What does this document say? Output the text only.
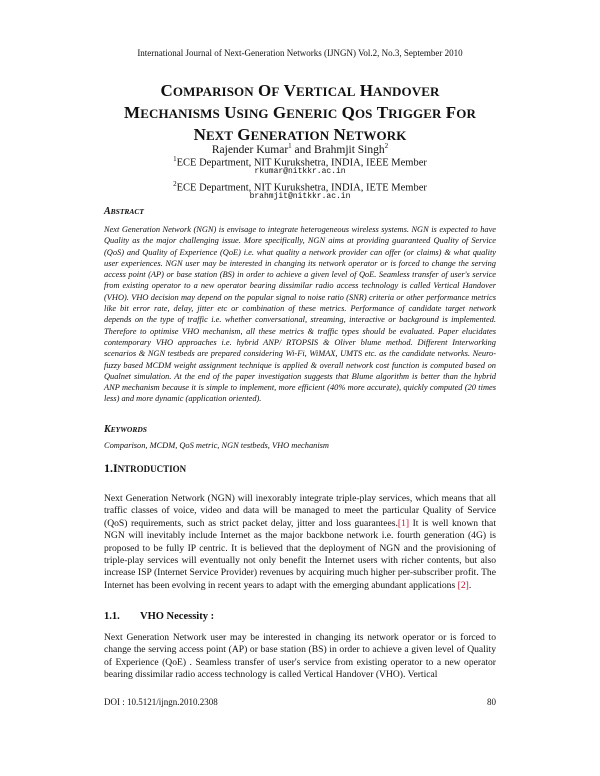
International Journal of Next-Generation Networks (IJNGN) Vol.2, No.3, September 2010
COMPARISON OF VERTICAL HANDOVER
MECHANISMS USING GENERIC QOS TRIGGER FOR
NEXT GENERATION NETWORK
Rajender Kumar$^1$ and Brahmjit Singh$^2$
$^1$ECE Department, NIT Kurukshetra, INDIA, IEEE Member
rkumar@nitkkr.ac.in
$^2$ECE Department, NIT Kurukshetra, INDIA, IETE Member
brahmjit@nitkkr.ac.in
ABSTRACT

Next Generation Network (NGN) is envisage to integrate heterogeneous wireless systems. NGN is expected to have Quality as the major challenging issue. More specifically, NGN aims at providing guaranteed Quality of Service (QoS) and Quality of Experience (QoE) i.e. what quality a network provider can offer (or claims) & what quality user experiences. NGN user may be interested in changing its network operator or is forced to change the serving access point (AP) or base station (BS) in order to achieve a given level of QoE. Seamless transfer of user's service from existing operator to a new operator bearing dissimilar radio access technology is called Vertical Handover (VHO). VHO decision may depend on the popular signal to noise ratio (SNR) criteria or other performance metrics like bit error rate, delay, jitter etc or combination of these metrics. Performance of candidate target network depends on the type of traffic i.e. whether conversational, streaming, interactive or background is implemented. Therefore to optimise VHO mechanism, all these metrics & traffic types should be evaluated. Paper elucidates contemporary VHO approaches i.e. hybrid ANP/ RTOPSIS & Oliver blume method. Different Interworking scenarios & NGN testbeds are prepared considering Wi-Fi, WiMAX, UMTS etc. as the candidate networks. Neuro-fuzzy based MCDM weight assignment technique is applied & overall network cost function is computed based on Qualnet simulation. At the end of the paper investigation suggests that Blume algorithm is better than the hybrid ANP mechanism because it is simple to implement, more efficient (40% more accurate), quickly computed (20 times less) and more dynamic (application oriented).

KEYWORDS

Comparison, MCDM, QoS metric, NGN testbeds, VHO mechanism

1.INTRODUCTION

Next Generation Network (NGN) will inexorably integrate triple-play services, which means that all traffic classes of voice, video and data will be managed to meet the particular Quality of Service (QoS) requirements, such as strict packet delay, jitter and loss guarantees.[1] It is well known that NGN will inevitably include Internet as the major backbone network i.e. fourth generation (4G) is proposed to be fully IP centric. It is believed that the deployment of NGN and the provisioning of triple-play services will eventually not only benefit the Internet users with richer contents, but also increase ISP (Internet Service Provider) revenues by acquiring much higher per-subscriber profit. The Internet has been evolving in recent years to adapt with the emerging abundant applications [2].

1.1. VHO Necessity :

Next Generation Network user may be interested in changing its network operator or is forced to change the serving access point (AP) or base station (BS) in order to achieve a given level of Quality of Experience (QoE) . Seamless transfer of user's service from existing operator to a new operator bearing dissimilar radio access technology is called Vertical Handover (VHO). Vertical

DOI : 10.5121/ijngn.2010.2308	80
